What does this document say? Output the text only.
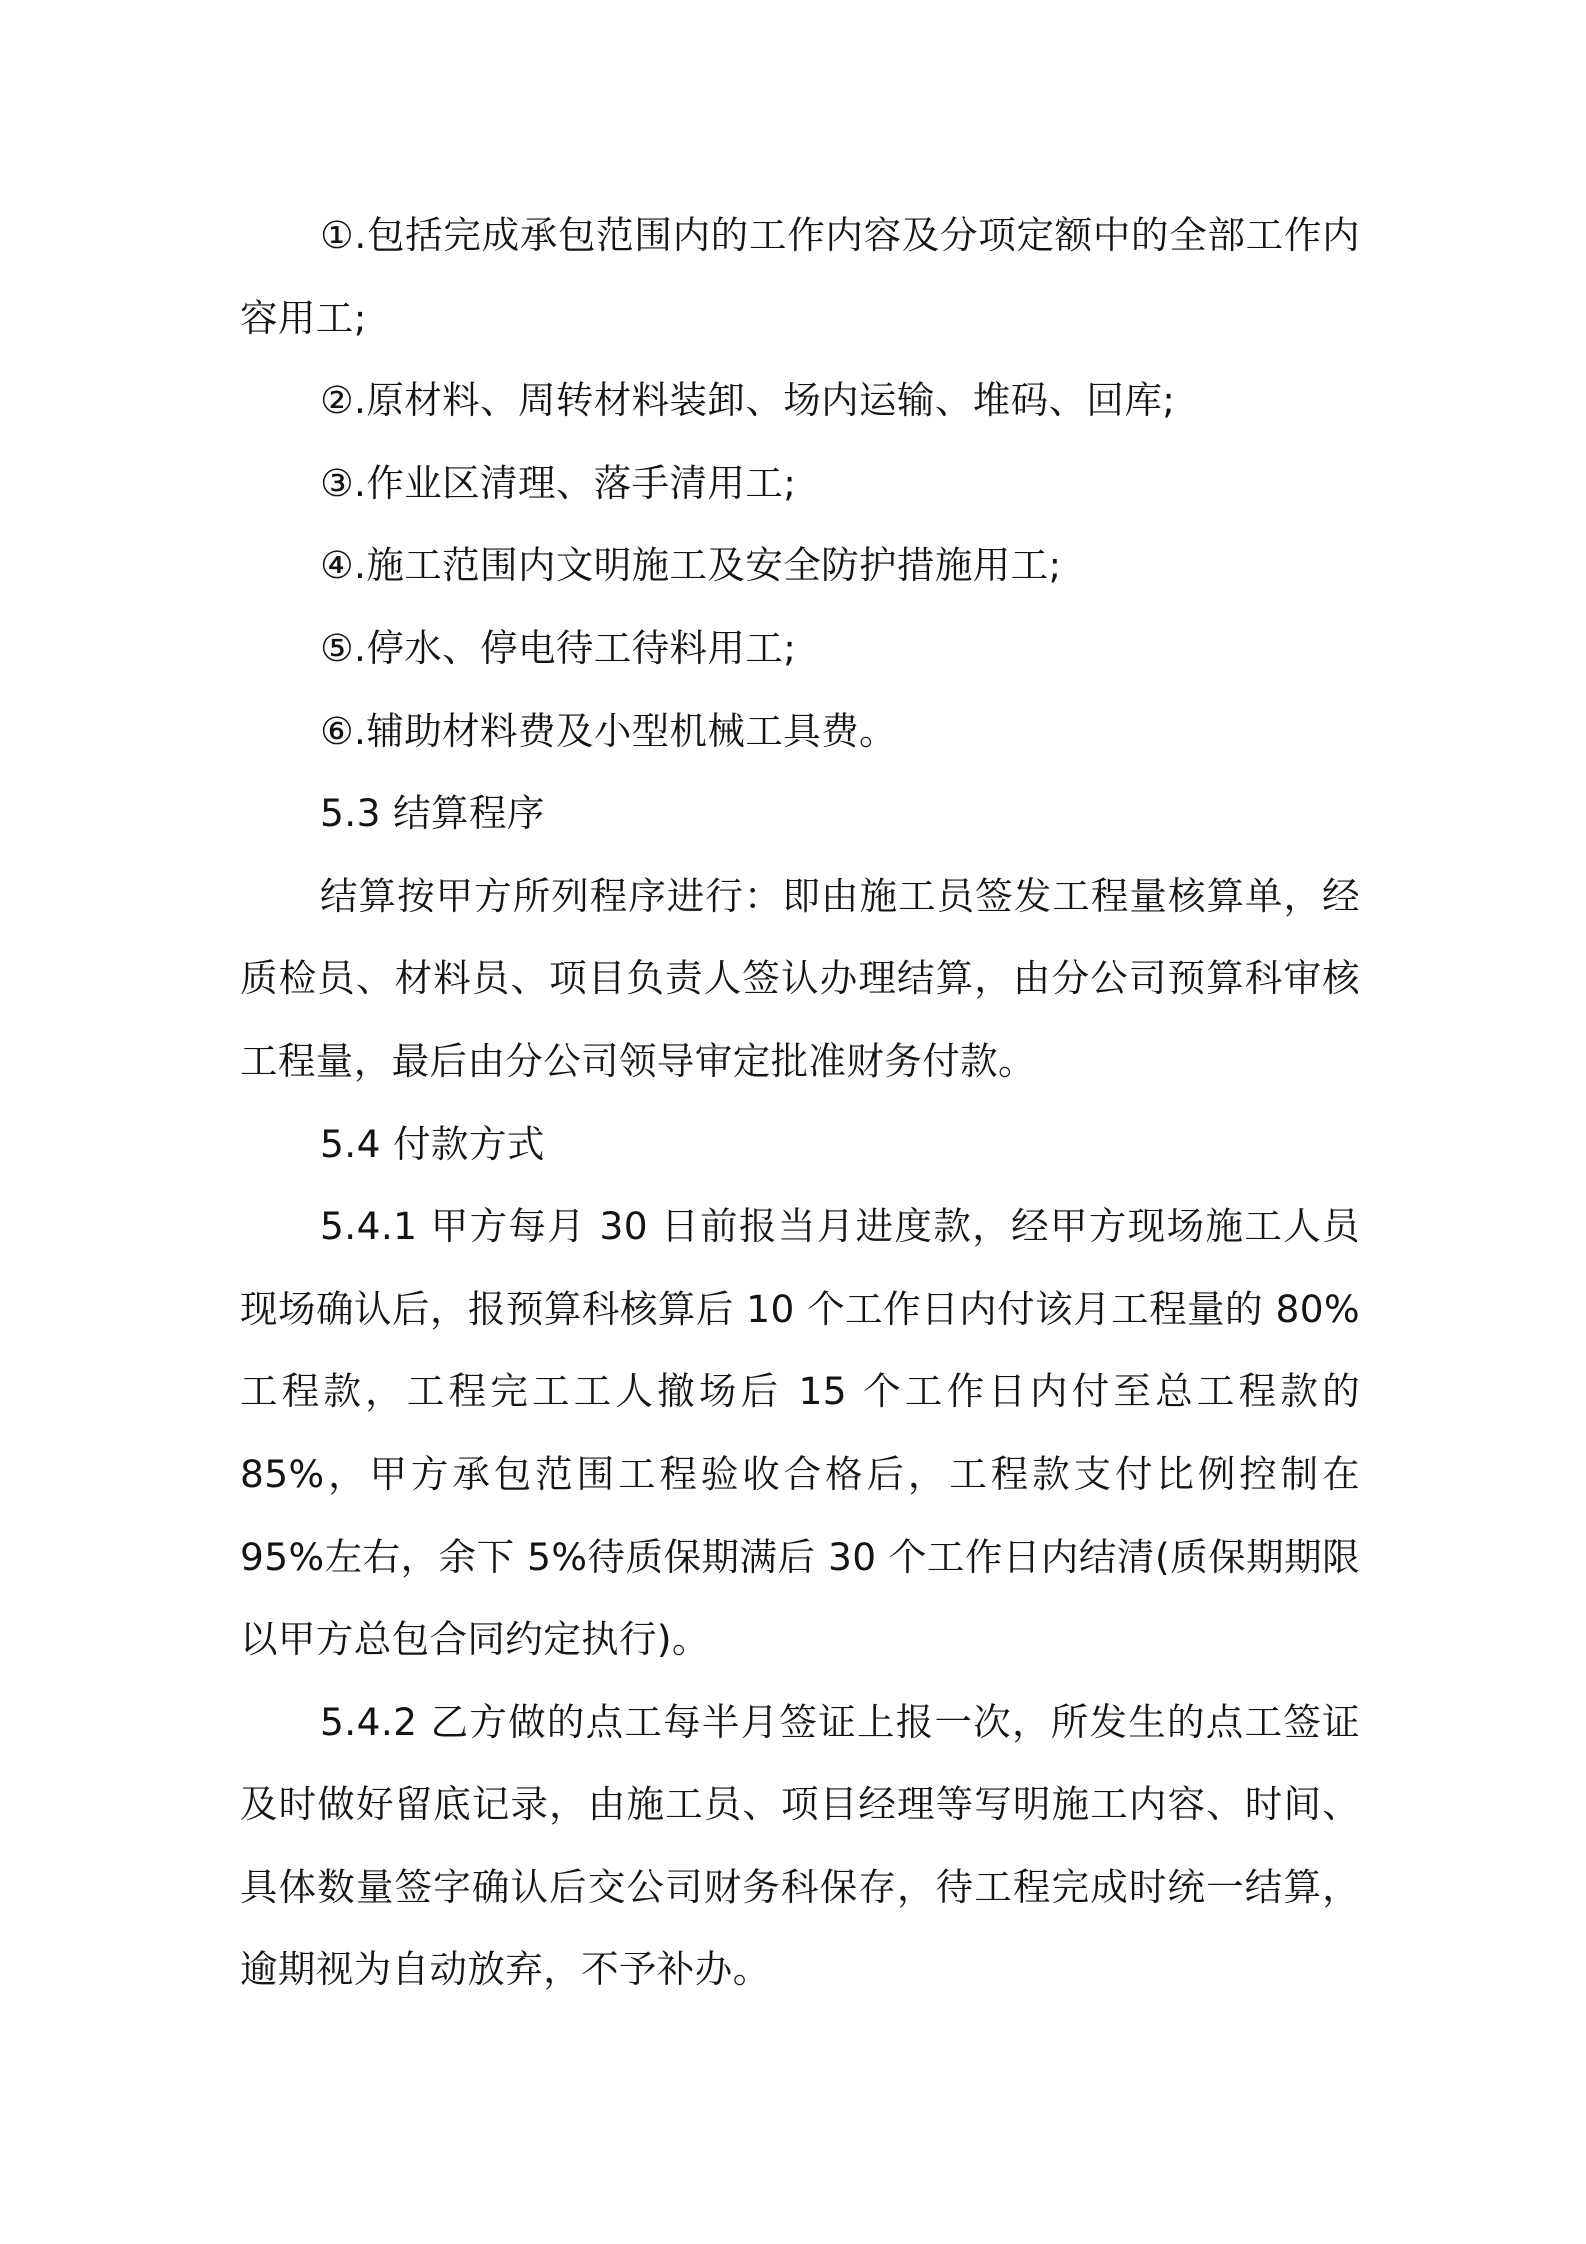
①.包括完成承包范围内的工作内容及分项定额中的全部工作内容用工;

②.原材料、周转材料装卸、场内运输、堆码、回库;

③.作业区清理、落手清用工;

④.施工范围内文明施工及安全防护措施用工;

⑤.停水、停电待工待料用工;

⑥.辅助材料费及小型机械工具费。

5.3 结算程序

结算按甲方所列程序进行：即由施工员签发工程量核算单，经质检员、材料员、项目负责人签认办理结算，由分公司预算科审核工程量，最后由分公司领导审定批准财务付款。

5.4 付款方式

5.4.1 甲方每月 30 日前报当月进度款，经甲方现场施工人员现场确认后，报预算科核算后 10 个工作日内付该月工程量的 80%工程款，工程完工工人撤场后 15 个工作日内付至总工程款的 85%，甲方承包范围工程验收合格后，工程款支付比例控制在 95%左右，余下 5%待质保期满后 30 个工作日内结清(质保期期限以甲方总包合同约定执行)。

5.4.2 乙方做的点工每半月签证上报一次，所发生的点工签证及时做好留底记录，由施工员、项目经理等写明施工内容、时间、具体数量签字确认后交公司财务科保存，待工程完成时统一结算，逾期视为自动放弃，不予补办。
